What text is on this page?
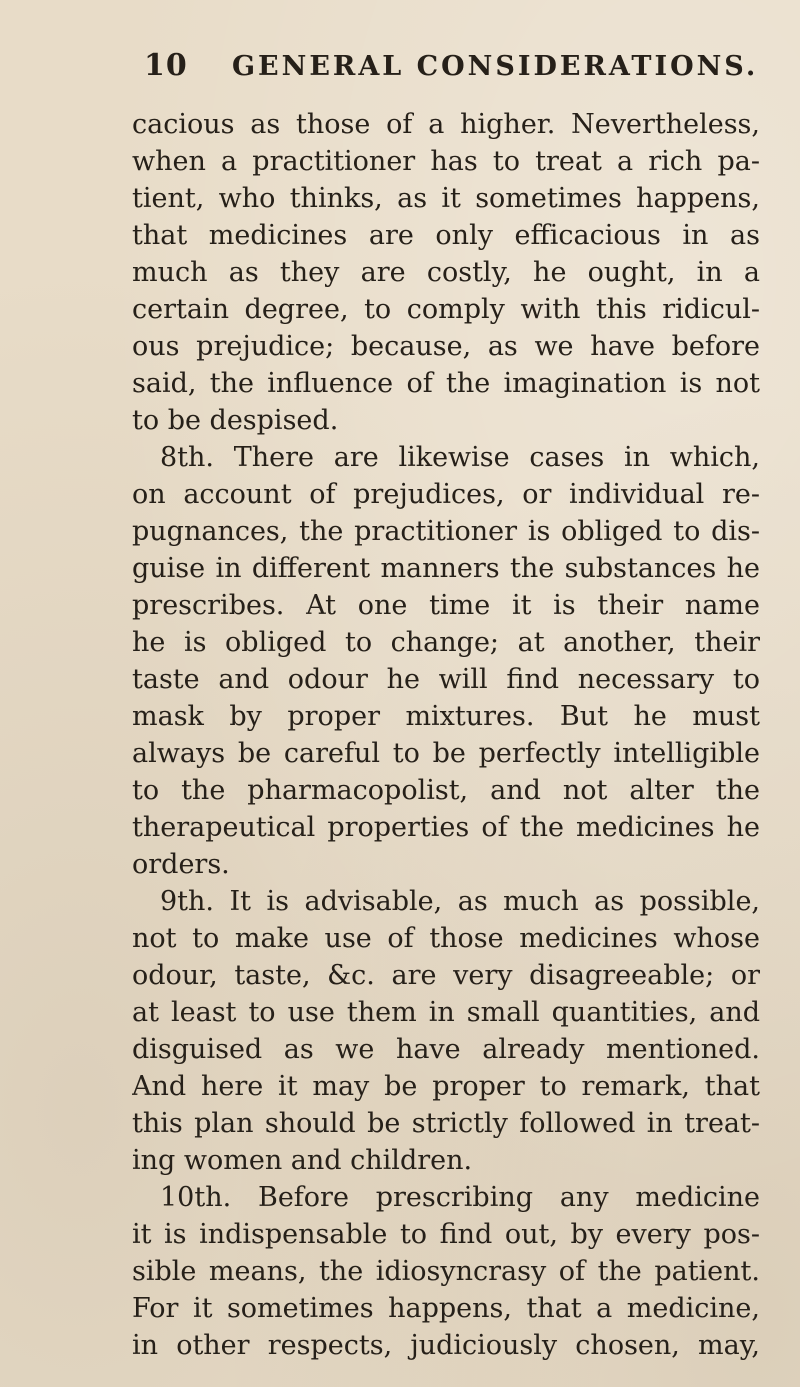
10	GENERAL CONSIDERATIONS.
cacious as those of a higher. Nevertheless,
when a practitioner has to treat a rich pa-
tient, who thinks, as it sometimes happens,
that medicines are only efficacious in as
much as they are costly, he ought, in a
certain degree, to comply with this ridicul-
ous prejudice; because, as we have before
said, the influence of the imagination is not
to be despised.
8th. There are likewise cases in which,
on account of prejudices, or individual re-
pugnances, the practitioner is obliged to dis-
guise in different manners the substances he
prescribes. At one time it is their name
he is obliged to change; at another, their
taste and odour he will find necessary to
mask by proper mixtures. But he must
always be careful to be perfectly intelligible
to the pharmacopolist, and not alter the
therapeutical properties of the medicines he
orders.
9th. It is advisable, as much as possible,
not to make use of those medicines whose
odour, taste, &c. are very disagreeable; or
at least to use them in small quantities, and
disguised as we have already mentioned.
And here it may be proper to remark, that
this plan should be strictly followed in treat-
ing women and children.
10th. Before prescribing any medicine
it is indispensable to find out, by every pos-
sible means, the idiosyncrasy of the patient.
For it sometimes happens, that a medicine,
in other respects, judiciously chosen, may,
